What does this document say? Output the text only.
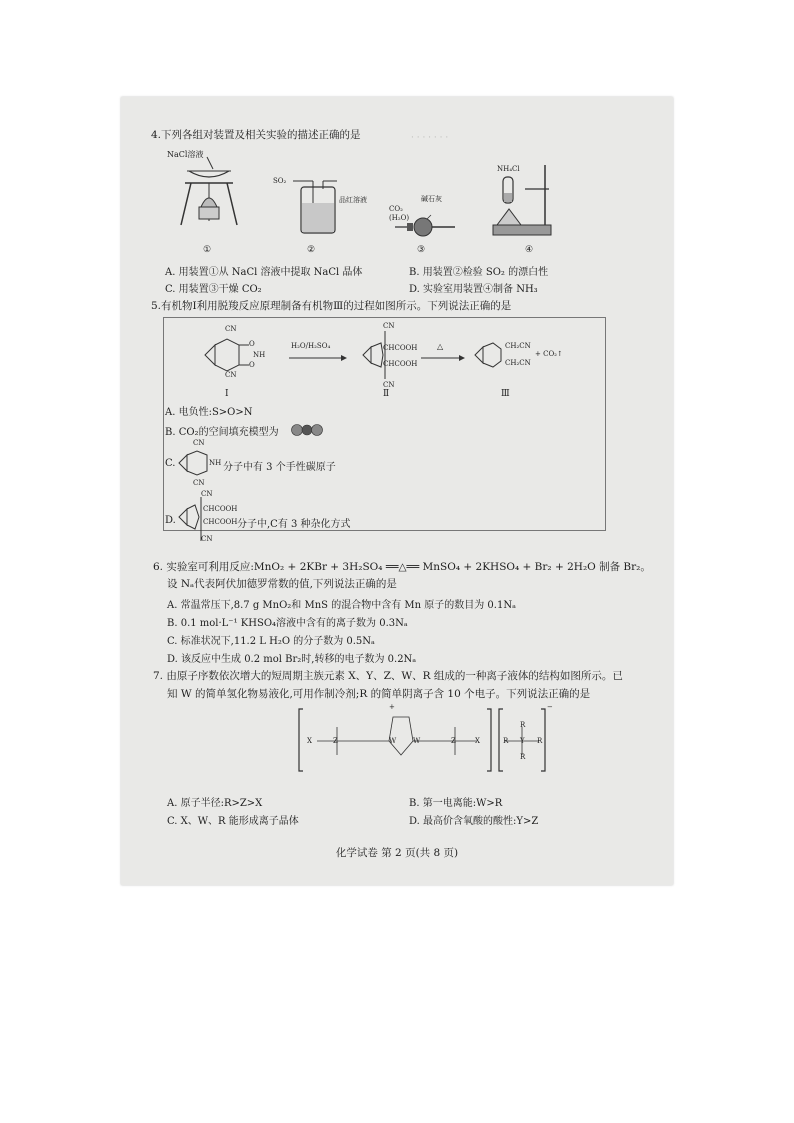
· · · · · · ·
4.下列各组对装置及相关实验的描述正确的是
NaCl溶液
①
SO₂
品红溶液
②
CO₂
(H₂O)
碱石灰
③
NH₄Cl
④
A. 用装置①从 NaCl 溶液中提取 NaCl 晶体	B. 用装置②检验 SO₂ 的漂白性
C. 用装置③干燥 CO₂	D. 实验室用装置④制备 NH₃
5.有机物Ⅰ利用脱羧反应原理制备有机物Ⅲ的过程如图所示。下列说法正确的是
CN
CN
O
O
NH
Ⅰ
H₂O/H₂SO₄
CN
CHCOOH
CHCOOH
CN
Ⅱ
△	CH₂CN
CH₂CN
+ CO₂↑
Ⅲ
A. 电负性:S>O>N
B. CO₂的空间填充模型为
C.
CN
CN
NH 分子中有 3 个手性碳原子
D.
CN
CHCOOH
CHCOOH
CN
分子中,C有 3 种杂化方式
6. 实验室可利用反应:MnO₂ + 2KBr + 3H₂SO₄ ══△══ MnSO₄ + 2KHSO₄ + Br₂ + 2H₂O 制备 Br₂。
设 Nₐ代表阿伏加德罗常数的值,下列说法正确的是
A. 常温常压下,8.7 g MnO₂和 MnS 的混合物中含有 Mn 原子的数目为 0.1Nₐ
B. 0.1 mol·L⁻¹ KHSO₄溶液中含有的离子数为 0.3Nₐ
C. 标准状况下,11.2 L H₂O 的分子数为 0.5Nₐ
D. 该反应中生成 0.2 mol Br₂时,转移的电子数为 0.2Nₐ
7. 由原子序数依次增大的短周期主族元素 X、Y、Z、W、R 组成的一种离子液体的结构如图所示。已
知 W 的简单氢化物易液化,可用作制冷剂;R 的简单阴离子含 10 个电子。下列说法正确的是
+	−
X	Z	W W	Z	X	R Y R
R
R
A. 原子半径:R>Z>X	B. 第一电离能:W>R
C. X、W、R 能形成离子晶体	D. 最高价含氧酸的酸性:Y>Z
化学试卷 第 2 页(共 8 页)
